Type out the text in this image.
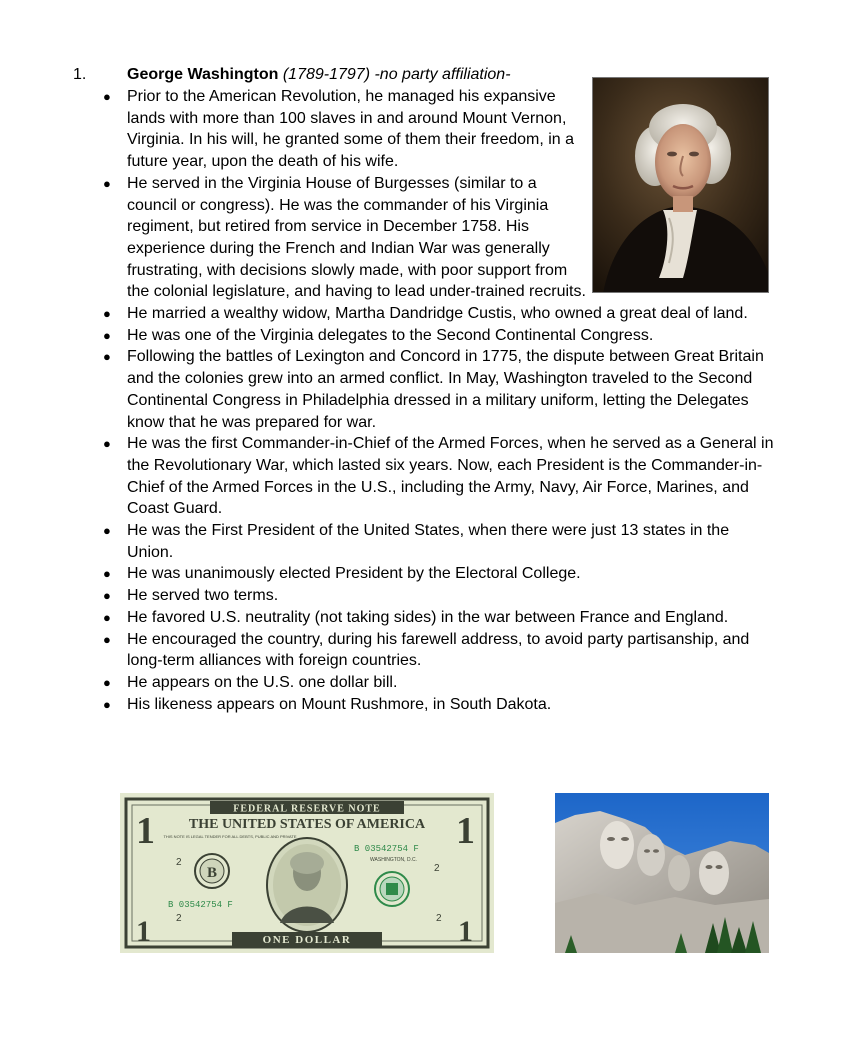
1.	George Washington (1789-1797) -no party affiliation-
● Prior to the American Revolution, he managed his expansive lands with more than 100 slaves in and around Mount Vernon, Virginia. In his will, he granted some of them their freedom, in a future year, upon the death of his wife.
● He served in the Virginia House of Burgesses (similar to a council or congress). He was the commander of his Virginia regiment, but retired from service in December 1758. His experience during the French and Indian War was generally frustrating, with decisions slowly made, with poor support from the colonial legislature, and having to lead under-trained recruits.
● He married a wealthy widow, Martha Dandridge Custis, who owned a great deal of land.
● He was one of the Virginia delegates to the Second Continental Congress.
● Following the battles of Lexington and Concord in 1775, the dispute between Great Britain and the colonies grew into an armed conflict. In May, Washington traveled to the Second Continental Congress in Philadelphia dressed in a military uniform, letting the Delegates know that he was prepared for war.
● He was the first Commander-in-Chief of the Armed Forces, when he served as a General in the Revolutionary War, which lasted six years. Now, each President is the Commander-in-Chief of the Armed Forces in the U.S., including the Army, Navy, Air Force, Marines, and Coast Guard.
● He was the First President of the United States, when there were just 13 states in the Union.
● He was unanimously elected President by the Electoral College.
● He served two terms.
● He favored U.S. neutrality (not taking sides) in the war between France and England.
● He encouraged the country, during his farewell address, to avoid party partisanship, and long-term alliances with foreign countries.
● He appears on the U.S. one dollar bill.
● His likeness appears on Mount Rushmore, in South Dakota.
FEDERAL RESERVE NOTE
THE UNITED STATES OF AMERICA
THIS NOTE IS LEGAL TENDER FOR ALL DEBTS, PUBLIC AND PRIVATE
1	1
1	1
B
2
2
2	2
B 03542754 F
B 03542754 F
WASHINGTON, D.C.
ONE DOLLAR
